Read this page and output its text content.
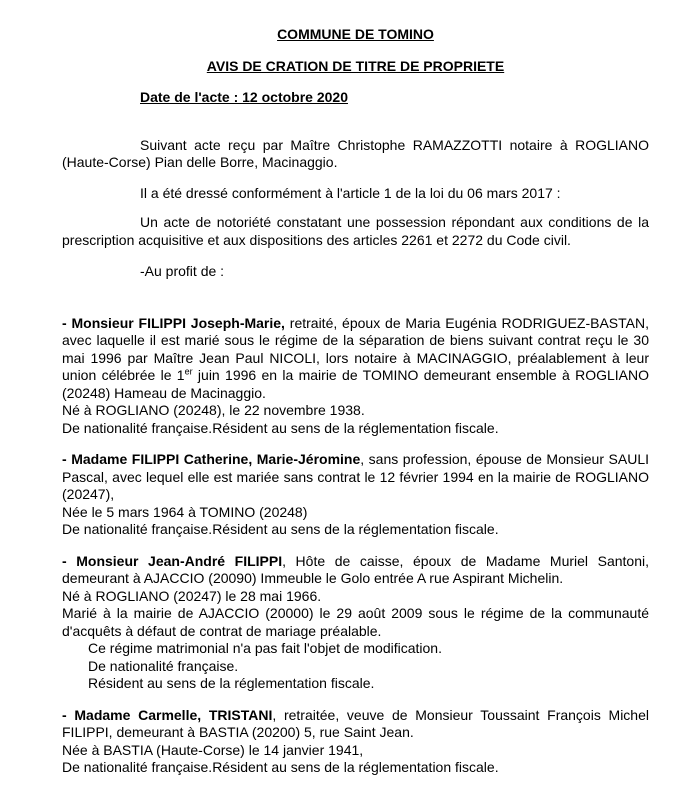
COMMUNE DE TOMINO
AVIS DE CRATION DE TITRE DE PROPRIETE
Date de l'acte : 12 octobre 2020

Suivant acte reçu par Maître Christophe RAMAZZOTTI notaire à ROGLIANO (Haute-Corse) Pian delle Borre, Macinaggio.

Il a été dressé conformément à l'article 1 de la loi du 06 mars 2017 :

Un acte de notoriété constatant une possession répondant aux conditions de la prescription acquisitive et aux dispositions des articles 2261 et 2272 du Code civil.

-Au profit de :

- Monsieur FILIPPI Joseph-Marie, retraité, époux de Maria Eugénia RODRIGUEZ-BASTAN, avec laquelle il est marié sous le régime de la séparation de biens suivant contrat reçu le 30 mai 1996 par Maître Jean Paul NICOLI, lors notaire à MACINAGGIO, préalablement à leur union célébrée le 1er juin 1996 en la mairie de TOMINO demeurant ensemble à ROGLIANO (20248) Hameau de Macinaggio.

Né à ROGLIANO (20248), le 22 novembre 1938.
De nationalité française.Résident au sens de la réglementation fiscale.

- Madame FILIPPI Catherine, Marie-Jéromine, sans profession, épouse de Monsieur SAULI Pascal, avec lequel elle est mariée sans contrat le 12 février 1994 en la mairie de ROGLIANO (20247),

Née le 5 mars 1964 à TOMINO (20248)
De nationalité française.Résident au sens de la réglementation fiscale.

- Monsieur Jean-André FILIPPI, Hôte de caisse, époux de Madame Muriel Santoni, demeurant à AJACCIO (20090) Immeuble le Golo entrée A rue Aspirant Michelin.

Né à ROGLIANO (20247) le 28 mai 1966.

Marié à la mairie de AJACCIO (20000) le 29 août 2009 sous le régime de la communauté d'acquêts à défaut de contrat de mariage préalable.

Ce régime matrimonial n'a pas fait l'objet de modification.
De nationalité française.
Résident au sens de la réglementation fiscale.

- Madame Carmelle, TRISTANI, retraitée, veuve de Monsieur Toussaint François Michel FILIPPI, demeurant à BASTIA (20200) 5, rue Saint Jean.

Née à BASTIA (Haute-Corse) le 14 janvier 1941,
De nationalité française.Résident au sens de la réglementation fiscale.
